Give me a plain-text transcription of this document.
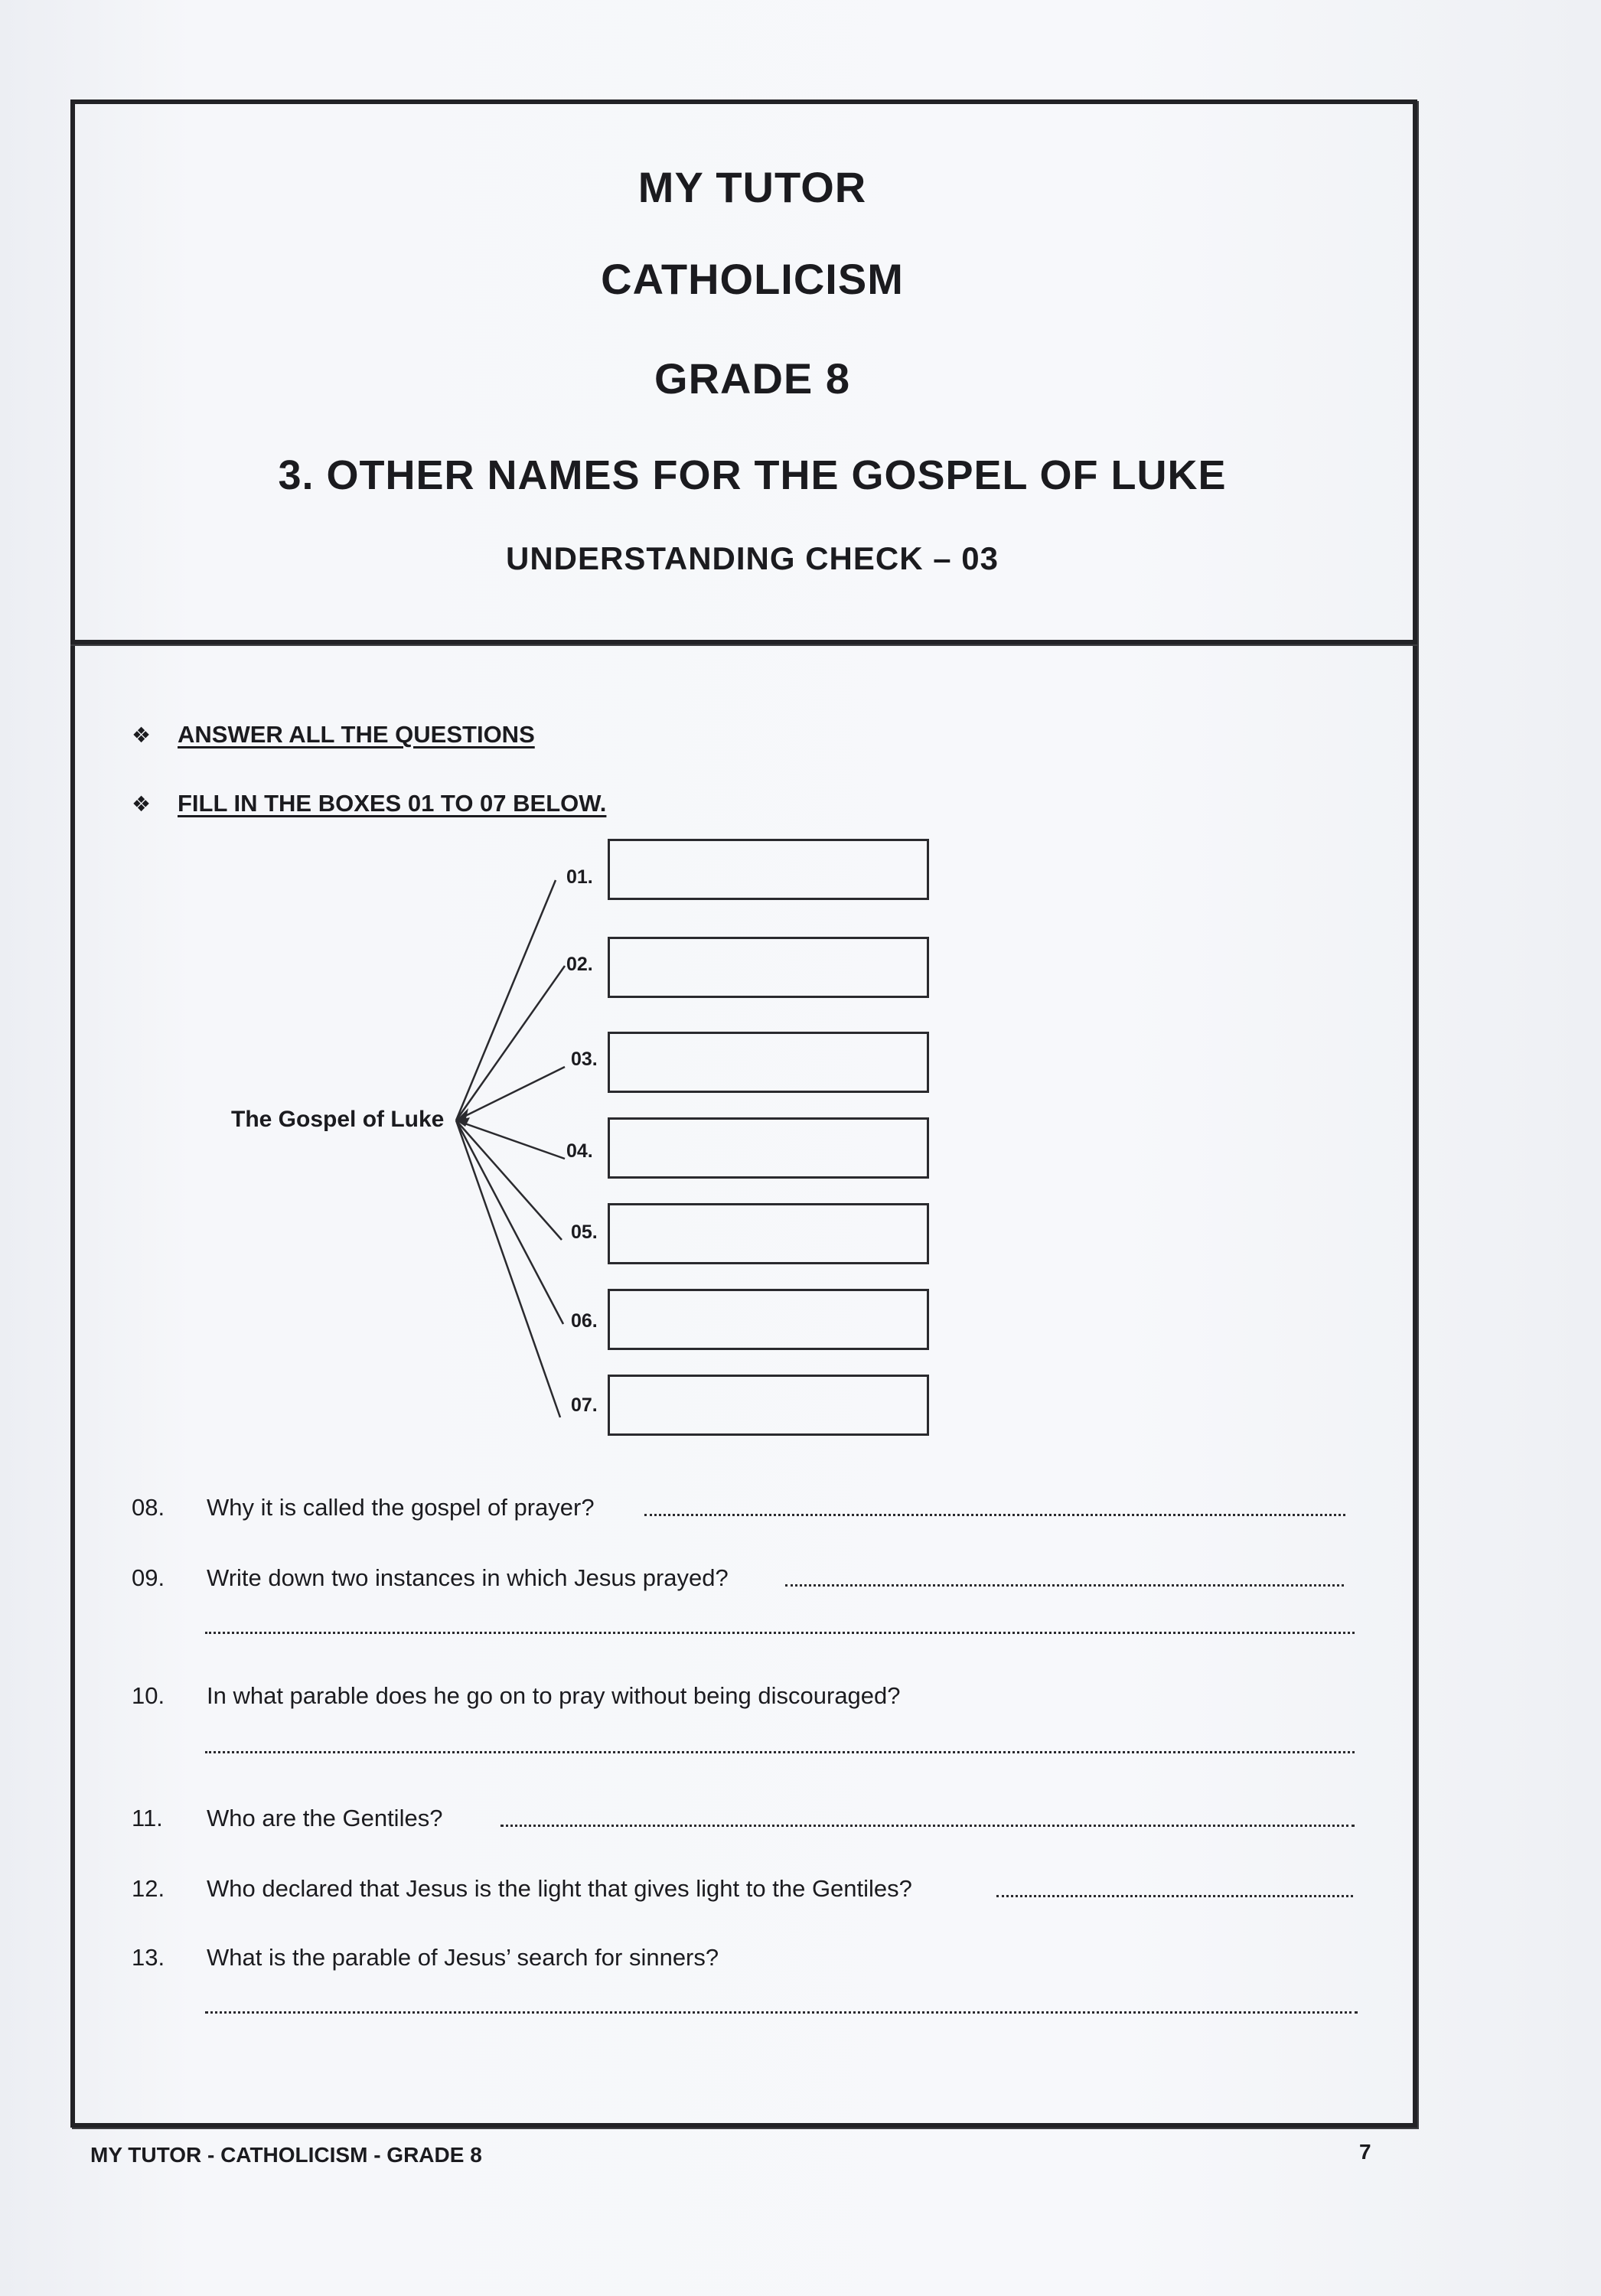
MY TUTOR
CATHOLICISM
GRADE 8
3. OTHER NAMES FOR THE GOSPEL OF LUKE
UNDERSTANDING CHECK – 03
❖	ANSWER ALL THE QUESTIONS
❖	FILL IN THE BOXES 01 TO 07 BELOW.
The Gospel of Luke
01.
02.
03.
04.
05.
06.
07.
08.	Why it is called the gospel of prayer?
09.	Write down two instances in which Jesus prayed?
10.	In what parable does he go on to pray without being discouraged?
11.	Who are the Gentiles?
12.	Who declared that Jesus is the light that gives light to the Gentiles?
13.	What is the parable of Jesus’ search for sinners?
MY TUTOR - CATHOLICISM - GRADE 8	7
